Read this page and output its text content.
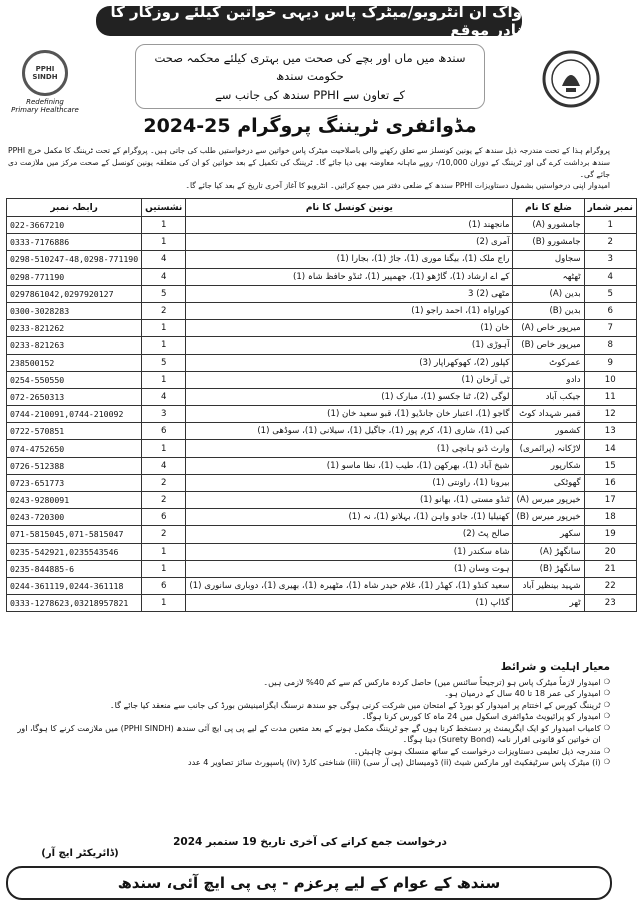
واک ان انٹرویو/میٹرک پاس دیہی خواتین کیلئے روزگار کا نادر موقع
PPHI SINDH
Redefining
Primary Healthcare
سندھ میں ماں اور بچے کی صحت میں بہتری کیلئے محکمہ صحت حکومت سندھ
کے تعاون سے PPHI سندھ کی جانب سے
مڈوائفری ٹریننگ پروگرام 25-2024

پروگرام ہذا کے تحت مندرجہ ذیل سندھ کے یونین کونسلز سے تعلق رکھنے والی باصلاحیت میٹرک پاس خواتین سے درخواستیں طلب کی جاتی ہیں۔ پروگرام کے تحت ٹریننگ کا مکمل خرچ PPHI سندھ برداشت کرے گی اور ٹریننگ کے دوران 10,000/- روپے ماہانہ معاوضہ بھی دیا جائے گا۔ ٹریننگ کی تکمیل کے بعد خواتین کو ان کی متعلقہ یونین کونسل کے صحت مرکز میں ملازمت دی جائے گی۔

امیدوار اپنی درخواستیں بشمول دستاویزات PPHI سندھ کے ضلعی دفتر میں جمع کرائیں۔ انٹرویو کا آغاز آخری تاریخ کے بعد کیا جائے گا۔

نمبر شمار	ضلع کا نام	یونین کونسل کا نام	نشستیں	رابطہ نمبر
1	جامشورو (A)	مانجھند (1)	1	022-3667210
2	جامشورو (B)	آمری (2)	1	0333-7176886
3	سجاول	راج ملک (1)، بیگنا موری (1)، جاڑ (1)، بجارا (1)	4	0298-510247-48,0298-771190
4	ٹھٹھہ	کے اے ارشاد (1)، گاڑھو (1)، جھمپیر (1)، ٹنڈو حافظ شاہ (1)	4	0298-771190
5	بدین (A)	مٹھی (2) 3	5	0297861042,0297920127
6	بدین (B)	کوراواہ (1)، احمد راجو (1)	2	0300-3028283
7	میرپور خاص (A)	خان (1)	1	0233-821262
8	میرپور خاص (B)	آہوڑی (1)	1	0233-821263
9	عمرکوٹ	کپلور (2)، کھوکھراپار (3)	5	238500152
10	دادو	ٹی آرخان (1)	1	0254-550550
11	جیکب آباد	لوگی (2)، ٹنا جکسو (1)، مبارک (1)	4	072-2650313
12	قمبر شہداد کوٹ	گاجو (1)، اعتبار خان جانڈیو (1)، قبو سعید خان (1)	3	0744-210091,0744-210092
13	کشمور	کبی (1)، شاری (1)، کرم پور (1)، جاگیل (1)، سیلانی (1)، سوڈھی (1)	6	0722-570851
14	لاڑکانہ (پرائمری)	وارث ڈنو ہانچی (1)	1	074-4752650
15	شکارپور	شیخ آباد (1)، بھرکھن (1)، طیب (1)، نظا ماسو (1)	4	0726-512388
16	گھوٹکی	بیرونا (1)، راونتی (1)	2	0723-651773
17	خیرپور میرس (A)	ٹنڈو مستی (1)، بھانو (1)	2	0243-9280091
18	خیرپور میرس (B)	کھنیلیا (1)، جادو واہن (1)، بہلانو (1)، نہ (1)	6	0243-720300
19	سکھر	صالح پٹ (2)	2	071-5815045,071-5815047
20	سانگھڑ (A)	شاہ سکندر (1)	1	0235-542921,0235543546
21	سانگھڑ (B)	ہوت وسان (1)	1	0235-844885-6
22	شہید بینظیر آباد	سعید کنڈو (1)، کھڈر (1)، غلام حیدر شاہ (1)، مٹھیرہ (1)، بھیری (1)، دوباری سانوری (1)	6	0244-361119,0244-361118
23	ٹھر	گڈاپ (1)	1	0333-1278623,03218957821
معیار اہلیت و شرائط
❍
امیدوار لازماً میٹرک پاس ہو (ترجیحاً سائنس میں) حاصل کردہ مارکس کم سے کم 40% لازمی ہیں۔
❍
امیدوار کی عمر 18 تا 40 سال کے درمیان ہو۔
❍
ٹریننگ کورس کے اختتام پر امیدوار کو بورڈ کے امتحان میں شرکت کرنی ہوگی جو سندھ نرسنگ ایگزامینیشن بورڈ کی جانب سے منعقد کیا جائے گا۔
❍
امیدوار کو پرائیویٹ مڈوائفری اسکول میں 24 ماہ کا کورس کرنا ہوگا۔
❍
کامیاب امیدوار کو ایک ایگریمنٹ پر دستخط کرنا ہوں گے جو ٹریننگ مکمل ہونے کے بعد متعین مدت کے لیے پی پی ایچ آئی سندھ (PPHI SINDH) میں ملازمت کرنے کا ہوگا، اور ان خواتین کو قانونی اقرار نامہ (Surety Bond) دینا ہوگا۔
❍
مندرجہ ذیل تعلیمی دستاویزات درخواست کے ساتھ منسلک ہونی چاہیئں۔
❍
(i) میٹرک پاس سرٹیفکیٹ اور مارکس شیٹ (ii) ڈومیسائل (پی آر سی) (iii) شناختی کارڈ (iv) پاسپورٹ سائز تصاویر 4 عدد
درخواست جمع کرانے کی آخری تاریخ 19 ستمبر 2024
(ڈائریکٹر ایچ آر)
سندھ کے عوام کے لیے پرعزم - پی پی ایچ آئی، سندھ
